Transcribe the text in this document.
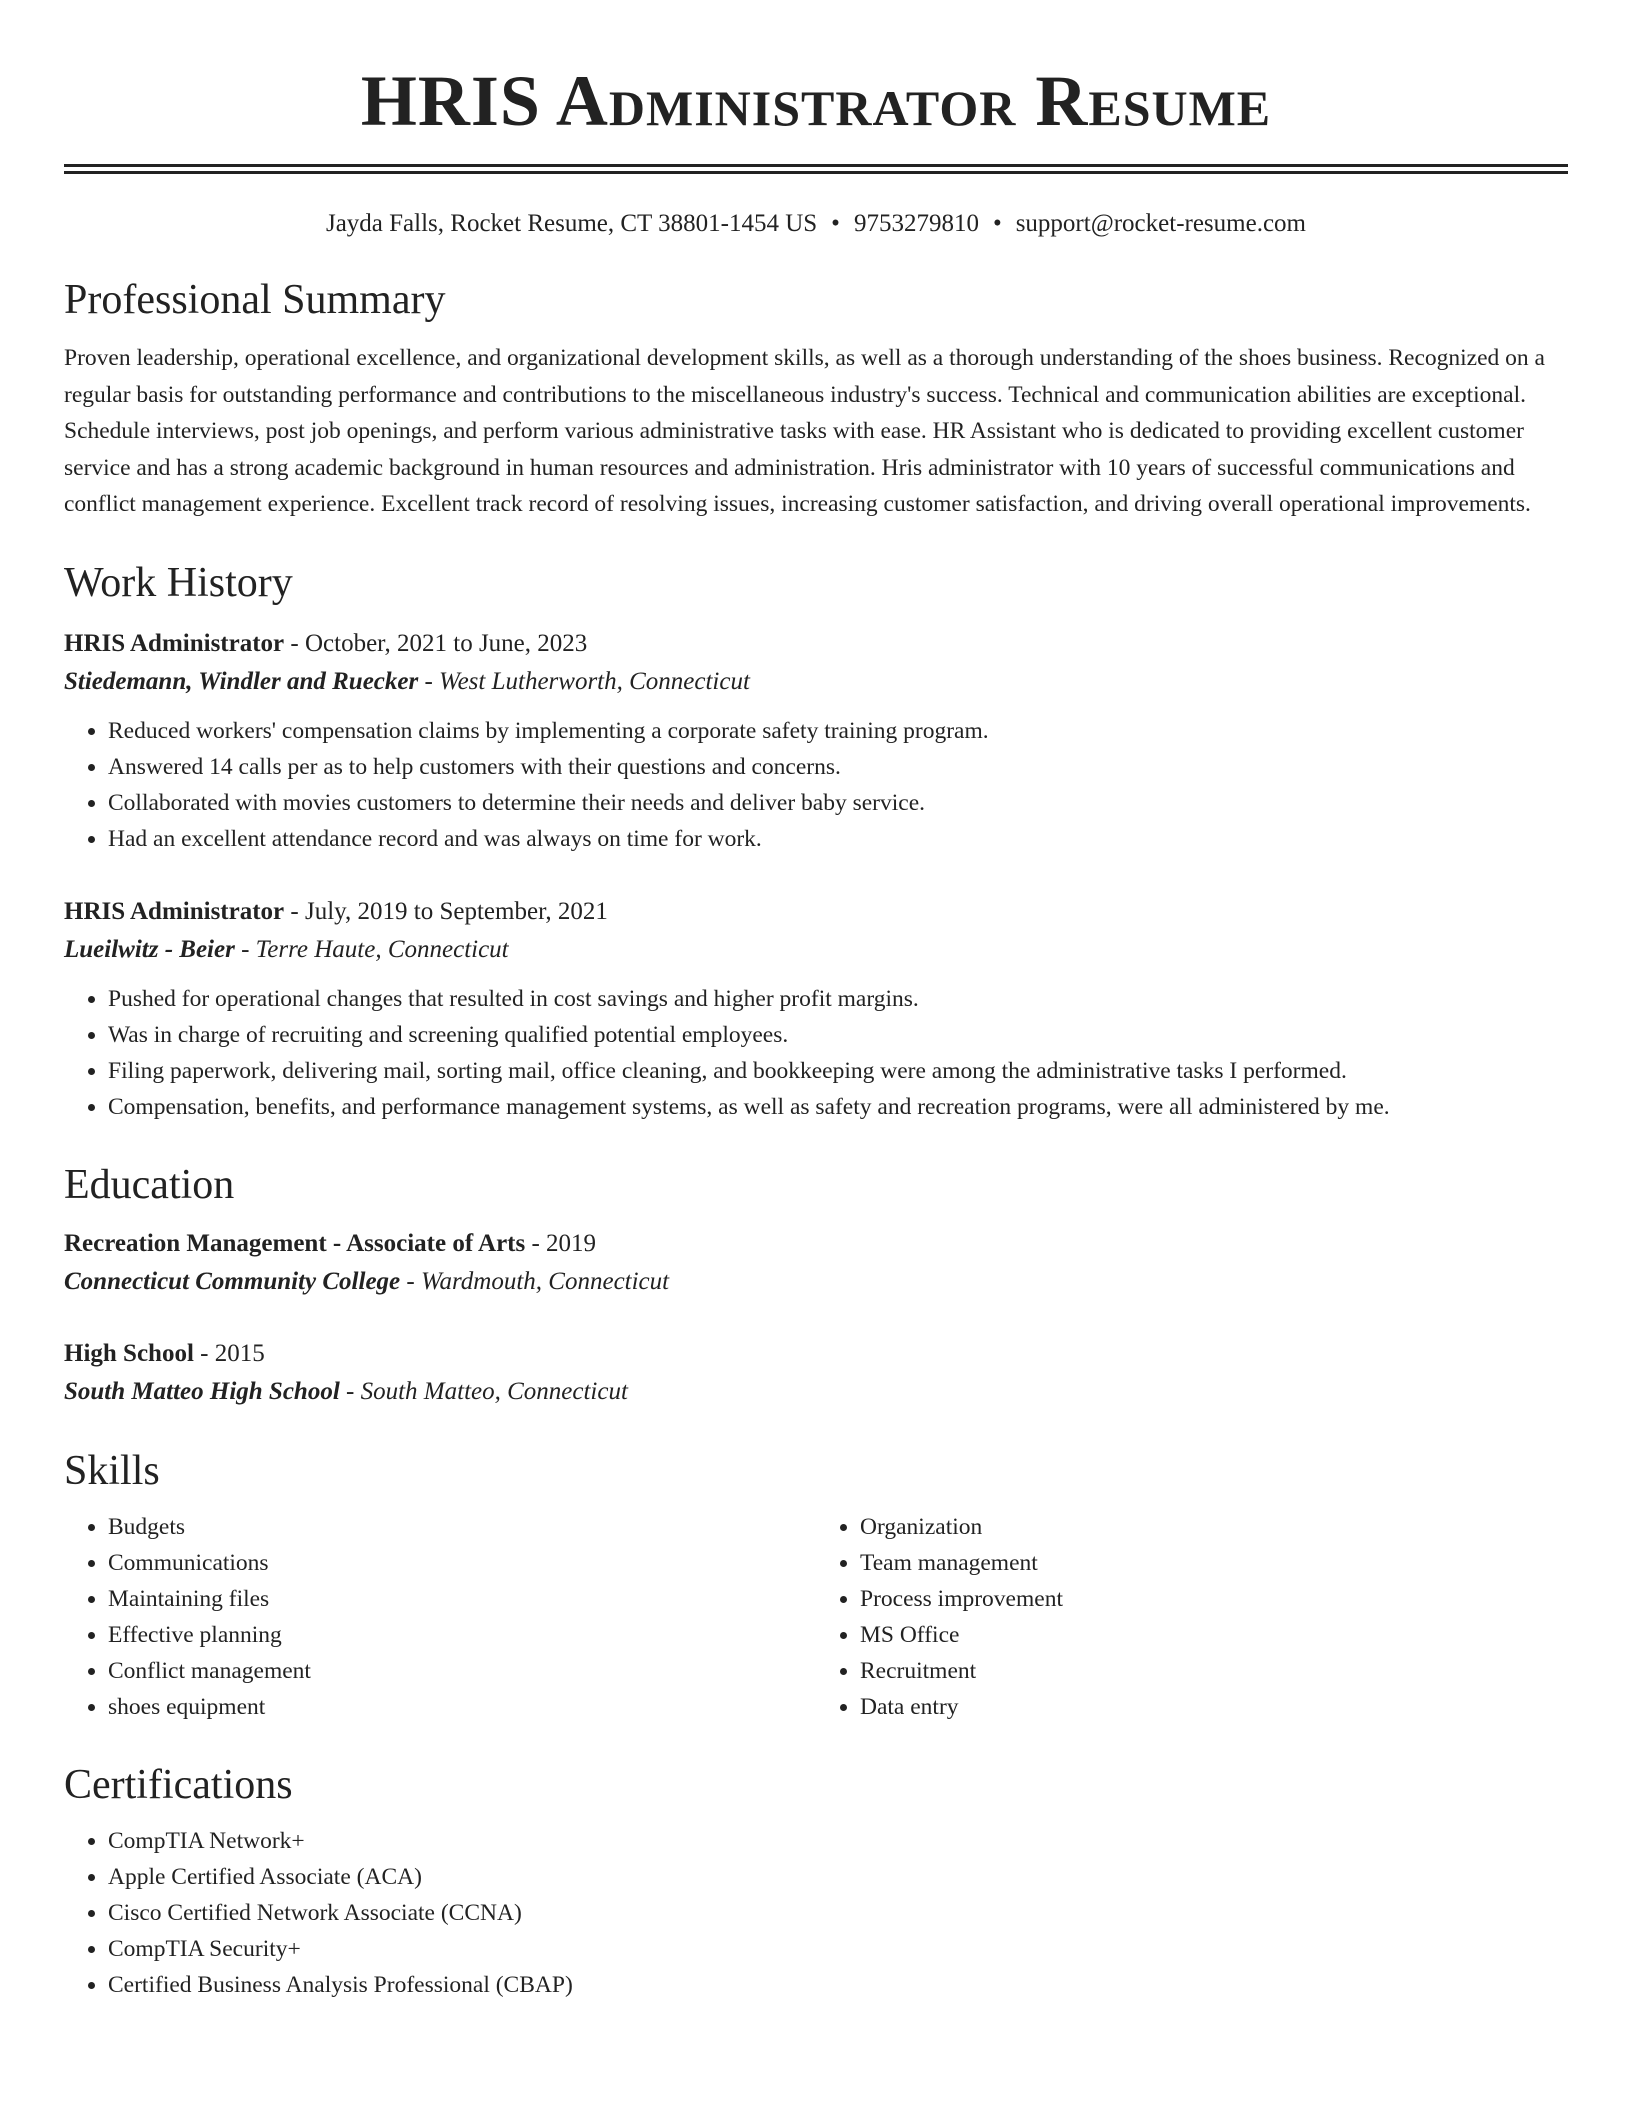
HRIS Administrator Resume
Jayda Falls, Rocket Resume, CT 38801-1454 US • 9753279810 • support@rocket-resume.com
Professional Summary
Proven leadership, operational excellence, and organizational development skills, as well as a thorough understanding of the shoes business. Recognized on a regular basis for outstanding performance and contributions to the miscellaneous industry's success. Technical and communication abilities are exceptional. Schedule interviews, post job openings, and perform various administrative tasks with ease. HR Assistant who is dedicated to providing excellent customer service and has a strong academic background in human resources and administration. Hris administrator with 10 years of successful communications and conflict management experience. Excellent track record of resolving issues, increasing customer satisfaction, and driving overall operational improvements.
Work History
HRIS Administrator - October, 2021 to June, 2023
Stiedemann, Windler and Ruecker - West Lutherworth, Connecticut
• Reduced workers' compensation claims by implementing a corporate safety training program.
• Answered 14 calls per as to help customers with their questions and concerns.
• Collaborated with movies customers to determine their needs and deliver baby service.
• Had an excellent attendance record and was always on time for work.
HRIS Administrator - July, 2019 to September, 2021
Lueilwitz - Beier - Terre Haute, Connecticut
• Pushed for operational changes that resulted in cost savings and higher profit margins.
• Was in charge of recruiting and screening qualified potential employees.
• Filing paperwork, delivering mail, sorting mail, office cleaning, and bookkeeping were among the administrative tasks I performed.
• Compensation, benefits, and performance management systems, as well as safety and recreation programs, were all administered by me.
Education
Recreation Management - Associate of Arts - 2019
Connecticut Community College - Wardmouth, Connecticut
High School - 2015
South Matteo High School - South Matteo, Connecticut
Skills
• Budgets
• Communications
• Maintaining files
• Effective planning
• Conflict management
• shoes equipment
• Organization
• Team management
• Process improvement
• MS Office
• Recruitment
• Data entry
Certifications
• CompTIA Network+
• Apple Certified Associate (ACA)
• Cisco Certified Network Associate (CCNA)
• CompTIA Security+
• Certified Business Analysis Professional (CBAP)
